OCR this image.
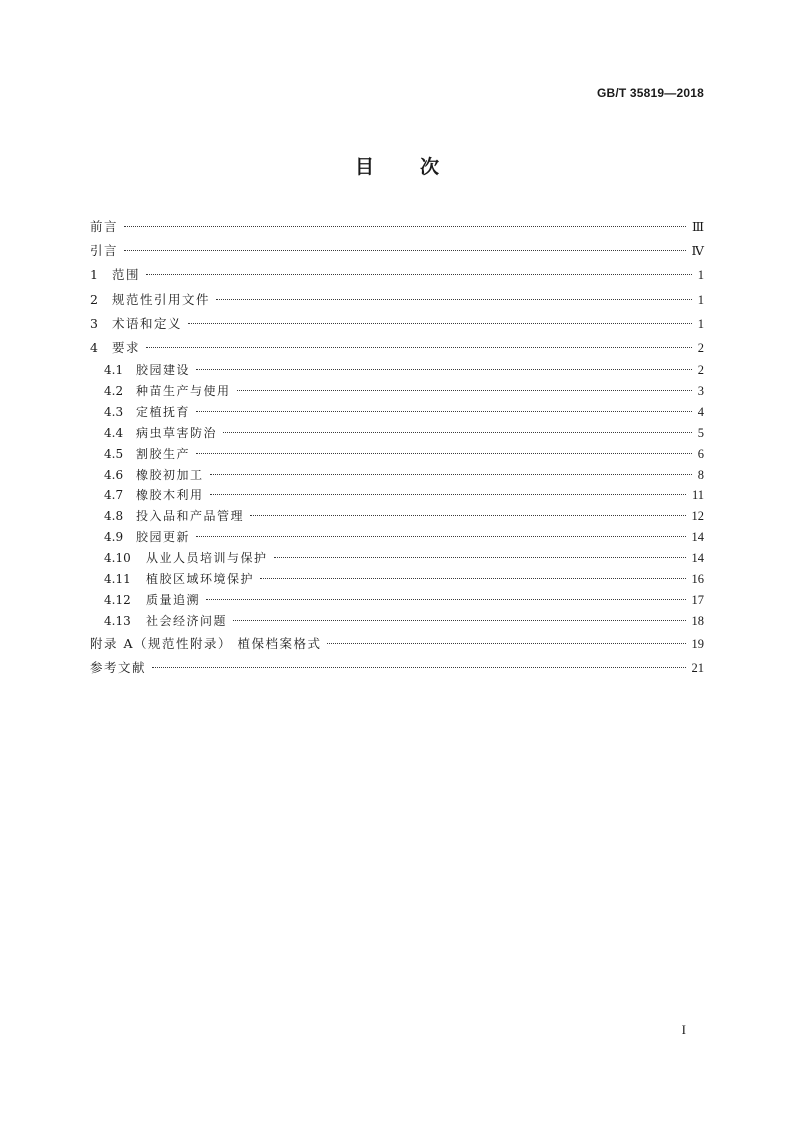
GB/T 35819—2018
目 次
前言	Ⅲ
引言	Ⅳ
1	范围	1
2	规范性引用文件	1
3	术语和定义	1
4	要求	2
4.1	胶园建设	2
4.2	种苗生产与使用	3
4.3	定植抚育	4
4.4	病虫草害防治	5
4.5	割胶生产	6
4.6	橡胶初加工	8
4.7	橡胶木利用	11
4.8	投入品和产品管理	12
4.9	胶园更新	14
4.10	从业人员培训与保护	14
4.11	植胶区域环境保护	16
4.12	质量追溯	17
4.13	社会经济问题	18
附录 A（规范性附录） 植保档案格式	19
参考文献	21
I
